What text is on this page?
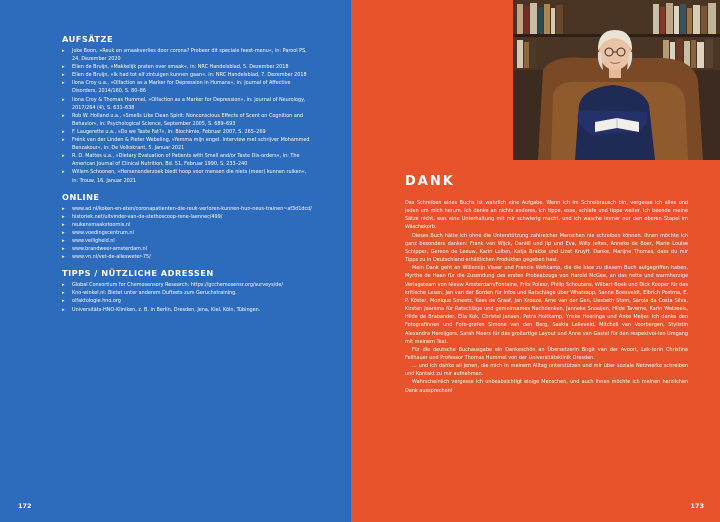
AUFSÄTZE
▸ Joke Boon, »Reuk en smaakverlies door corona? Probeer dit speciale feest-menu«, in: Parool PS, 24. Dezember 2020
▸ Ellen de Bruijn, »Makkelijk praten over smaak«, in: NRC Handelsblad, 5. Dezember 2018
▸ Ellen de Bruijn, »Ik had tot elf zintuigen kunnen gaan«, in: NRC Handelsblad, 7. Dezember 2018
▸ Ilona Croy u.a., »Olfaction as a Marker for Depression in Humans«, in: Journal of Affective Disorders, 2014/160, S. 80–86
▸ Ilona Croy & Thomas Hummel, »Olfaction as a Marker for Depression«, in: Journal of Neurology, 2017/264 (4), S. 631–638
▸ Rob W. Holland u.a., »Smells Like Clean Spirit: Nonconscious Effects of Scent on Cognition and Behavior«, in: Psychological Science, September 2005, S. 689–693
▸ F. Laugerette u.a., »Do we Taste Fat?«, in: Biochimie, Februar 2007, S. 265–269
▸ Frénk van der Linden & Pieter Webeling, »Yemma mijn engel. Interview met schrijver Mohammed Benzakour«, in: De Volkskrant, 5. Januar 2021
▸ R. D. Mattes u.a., »Dietary Evaluation of Patients with Smell and/or Taste Dis-orders«, in: The American Journal of Clinical Nutrition, Bd. 51, Februar 1990, S. 233–240
▸ Willem Schoonen, »Hersenonderzoek biedt hoop voor mensen die niets (meer) kunnen ruiken«, in: Trouw, 16. Januar 2021
ONLINE
▸ www.ad.nl/koken-en-eten/coronapatienten-die-reuk-verloren-kunnen-hun-neus-trainen~af3d1dcd/
▸ historiek.net/uitvinder-van-de-stethoscoop-rene-laennec/499/
▸ reukensmaakstoornis.nl
▸ www.voedingscentrum.nl
▸ www.veiligheid.nl
▸ www.brandweer-amsterdam.nl
▸ www.vn.nl/vet-de-allesweter-75/
TIPPS / NÜTZLICHE ADRESSEN
▸ Global Consortium for Chemosensory Research: https://gcchemosensr.org/surveys/de/
▸ Kno-winkel.nl: Bietet unter anderem Duftsets zum Geruchstraining.
▸ olfaktologie.hno.org
▸ Universitäts-HNO-Kliniken, z. B. in Berlin, Dresden, Jena, Kiel, Köln, Tübingen.
172
DANK

Das Schreiben eines Buchs ist wahrlich eine Aufgabe. Wenn ich im Schreibrausch bin, vergesse ich alles und jeden um mich herum. Ich denke an nichts anderes, ich tippe, esse, schlafe und tippe weiter. Ich beende meine Sätze nicht, was eine Unterhaltung mit mir schwierig macht, und ich wasche immer nur den oberen Stapel im Wäschekorb.

Dieses Buch hätte ich ohne die Unterstützung zahlreicher Menschen nie schreiben können. Ihnen möchte ich ganz besonders danken: Frank van Wijck, Daniël und Jip und Eva, Willy Jeltes, Anneke de Boer, Marie Louise Schipper, Gereon de Leeuw, Karin Luiten, Katja Brakke und Lizet Kruyff. Danke, Marijne Thomas, dass du mir Tipps zu in Deutschland erhältlichen Produkten gegeben hast.

Mein Dank geht an Willemijn Visser und Francie Wehkamp, die die Idee zu diesem Buch aufgegriffen haben, Myrthe de Haan für die Zusendung des ersten Probeabzugs von Harold McGee, an das nette und warmherzige Verlagsteam von Nieuw Amsterdam/Fontaine, Frits Poiesz, Philip Schoutens, Wilbert Boek und Dick Kooper für das kritische Lesen, Jan van der Borden für Infos und Ratschläge über Whatsapp, Sanne Boesveldt, Elbrich Postma, E. P. Köster, Monique Smeets, Kees de Graaf, Jan Kroeze, Arne van der Gen, Liesbeth Stam, Saroia da Costa Silva, Kirsten Jaarsma für Ratschläge und gemeinsames Nachdenken, Janneke Snoeijen, Hilde Taverne, Karin Watzeels, Hilde de Brabander, Ella Kok, Christel Jansen, Petra Holtkamp, Ynske Heeringa und Anke Meijer. Ich danke den Fotografinnen und Foto-grafen Simone van den Berg, Saskia Lelieveld, Mitchell van Voorbergen, Stylistin Alexandra Hereijgers, Sarah Meers für das großartige Layout und Anne van Gastel für den respektvol-len Umgang mit meinem Text.

Für die deutsche Buchausgabe ein Dankeschön an Übersetzerin Birgit van der Avoort, Lek-torin Christine Fellhauer und Professor Thomas Hummel von der Universitätsklinik Dresden.

... und ich danke all jenen, die mich in meinem Alltag unterstützen und mir über soziale Netzwerke schreiben und Kontakt zu mir aufnehmen.

Wahrscheinlich vergesse ich unbeabsichtigt einige Menschen, und auch ihnen möchte ich meinen herzlichen Dank aussprechen!

173
